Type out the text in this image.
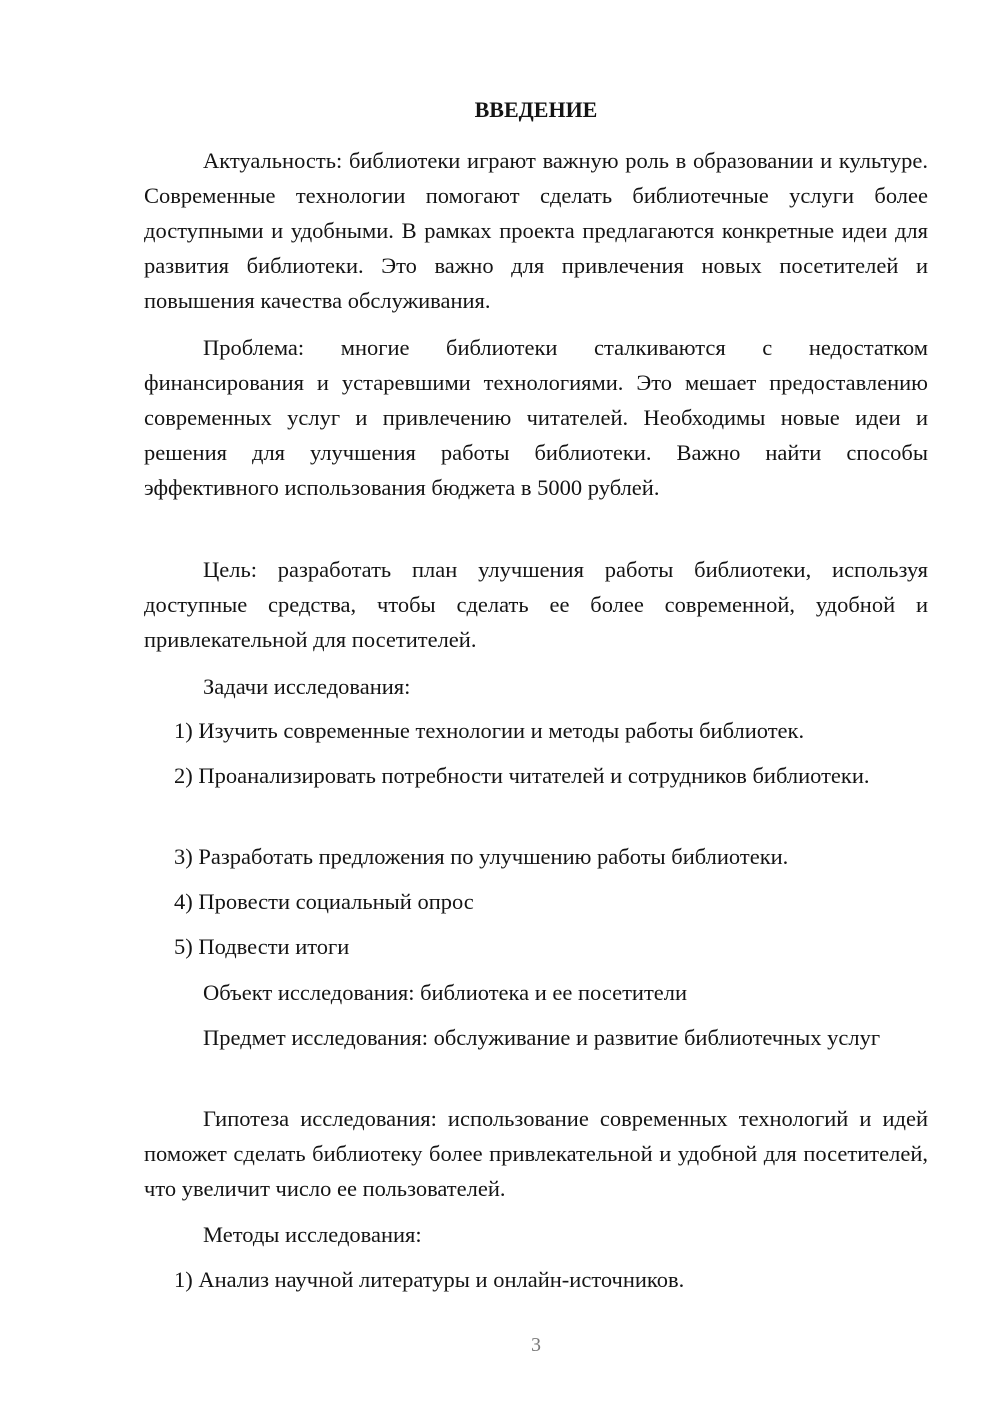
ВВЕДЕНИЕ

Актуальность: библиотеки играют важную роль в образовании и культуре. Современные технологии помогают сделать библиотечные услуги более доступными и удобными. В рамках проекта предлагаются конкретные идеи для развития библиотеки. Это важно для привлечения новых посетителей и повышения качества обслуживания.

Проблема: многие библиотеки сталкиваются с недостатком финансирования и устаревшими технологиями. Это мешает предоставлению современных услуг и привлечению читателей. Необходимы новые идеи и решения для улучшения работы библиотеки. Важно найти способы эффективного использования бюджета в 5000 рублей.

Цель: разработать план улучшения работы библиотеки, используя доступные средства, чтобы сделать ее более современной, удобной и привлекательной для посетителей.

Задачи исследования:

1) Изучить современные технологии и методы работы библиотек.

2) Проанализировать потребности читателей и сотрудников библиотеки.

3) Разработать предложения по улучшению работы библиотеки.

4) Провести социальный опрос

5) Подвести итоги

Объект исследования: библиотека и ее посетители

Предмет исследования: обслуживание и развитие библиотечных услуг

Гипотеза исследования: использование современных технологий и идей поможет сделать библиотеку более привлекательной и удобной для посетителей, что увеличит число ее пользователей.

Методы исследования:

1) Анализ научной литературы и онлайн-источников.

3
